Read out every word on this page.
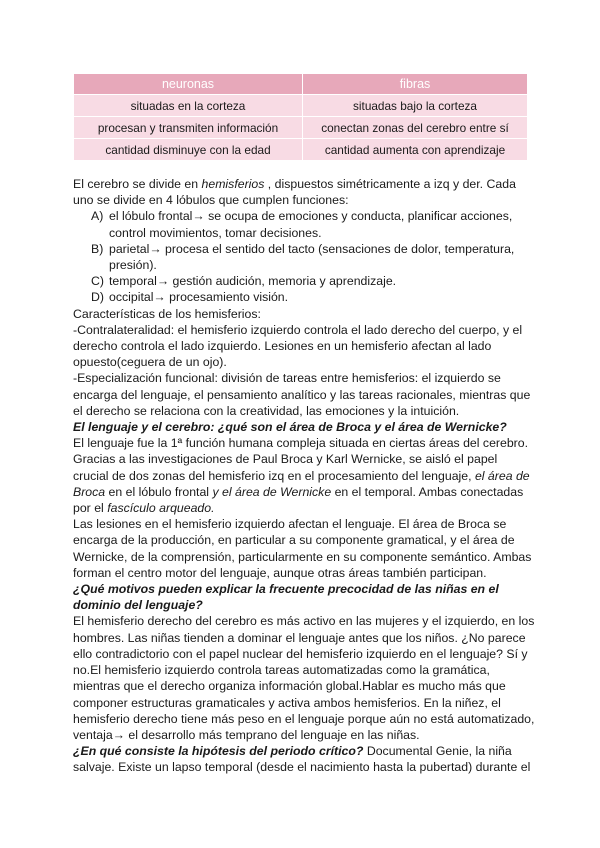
neuronas	fibras
situadas en la corteza	situadas bajo la corteza
procesan y transmiten información	conectan zonas del cerebro entre sí
cantidad disminuye con la edad	cantidad aumenta con aprendizaje

El cerebro se divide en hemisferios , dispuestos simétricamente a izq y der. Cada uno se divide en 4 lóbulos que cumplen funciones:

A) el lóbulo frontal→ se ocupa de emociones y conducta, planificar acciones, control movimientos, tomar decisiones.
B) parietal→ procesa el sentido del tacto (sensaciones de dolor, temperatura, presión).
C) temporal→ gestión audición, memoria y aprendizaje.
D) occipital→ procesamiento visión.

Características de los hemisferios:

-Contralateralidad: el hemisferio izquierdo controla el lado derecho del cuerpo, y el derecho controla el lado izquierdo. Lesiones en un hemisferio afectan al lado opuesto(ceguera de un ojo).

-Especialización funcional: división de tareas entre hemisferios: el izquierdo se encarga del lenguaje, el pensamiento analítico y las tareas racionales, mientras que el derecho se relaciona con la creatividad, las emociones y la intuición.

El lenguaje y el cerebro: ¿qué son el área de Broca y el área de Wernicke?

El lenguaje fue la 1ª función humana compleja situada en ciertas áreas del cerebro. Gracias a las investigaciones de Paul Broca y Karl Wernicke, se aisló el papel crucial de dos zonas del hemisferio izq en el procesamiento del lenguaje, el área de Broca en el lóbulo frontal y el área de Wernicke en el temporal. Ambas conectadas por el fascículo arqueado.

Las lesiones en el hemisferio izquierdo afectan el lenguaje. El área de Broca se encarga de la producción, en particular a su componente gramatical, y el área de Wernicke, de la comprensión, particularmente en su componente semántico. Ambas forman el centro motor del lenguaje, aunque otras áreas también participan.

¿Qué motivos pueden explicar la frecuente precocidad de las niñas en el dominio del lenguaje?

El hemisferio derecho del cerebro es más activo en las mujeres y el izquierdo, en los hombres. Las niñas tienden a dominar el lenguaje antes que los niños. ¿No parece ello contradictorio con el papel nuclear del hemisferio izquierdo en el lenguaje? Sí y no.El hemisferio izquierdo controla tareas automatizadas como la gramática, mientras que el derecho organiza información global.Hablar es mucho más que componer estructuras gramaticales y activa ambos hemisferios. En la niñez, el hemisferio derecho tiene más peso en el lenguaje porque aún no está automatizado, ventaja→ el desarrollo más temprano del lenguaje en las niñas.

¿En qué consiste la hipótesis del periodo crítico? Documental Genie, la niña salvaje. Existe un lapso temporal (desde el nacimiento hasta la pubertad) durante el
